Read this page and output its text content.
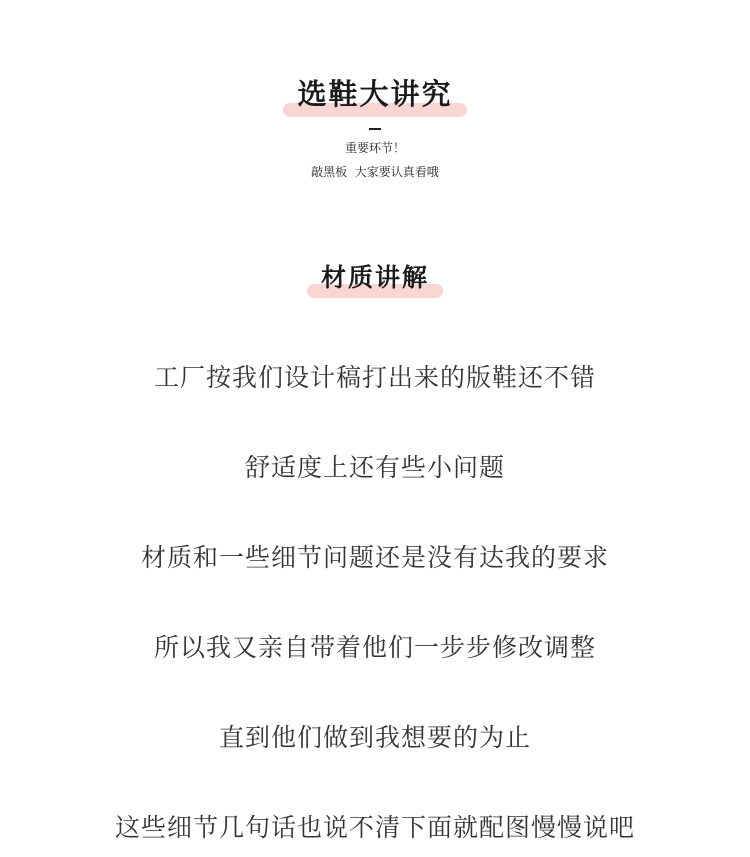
选鞋大讲究
重要环节！
敲黑板  大家要认真看哦
材质讲解
工厂按我们设计稿打出来的版鞋还不错
舒适度上还有些小问题
材质和一些细节问题还是没有达我的要求
所以我又亲自带着他们一步步修改调整
直到他们做到我想要的为止
这些细节几句话也说不清下面就配图慢慢说吧
